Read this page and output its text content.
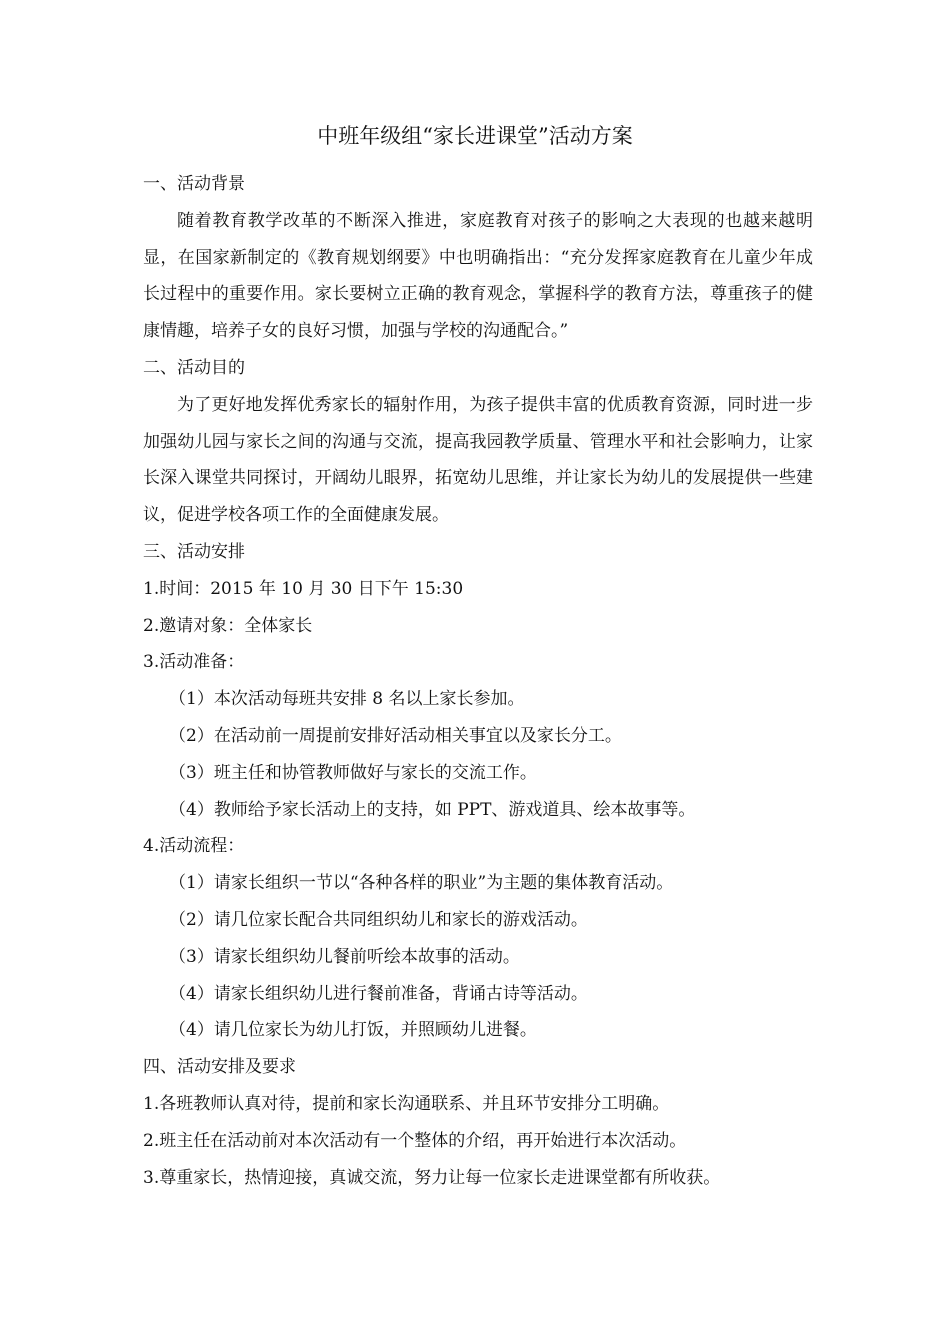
中班年级组“家长进课堂”活动方案

一、活动背景

随着教育教学改革的不断深入推进，家庭教育对孩子的影响之大表现的也越来越明显，在国家新制定的《教育规划纲要》中也明确指出：“充分发挥家庭教育在儿童少年成长过程中的重要作用。家长要树立正确的教育观念，掌握科学的教育方法，尊重孩子的健康情趣，培养子女的良好习惯，加强与学校的沟通配合。”

二、活动目的

为了更好地发挥优秀家长的辐射作用，为孩子提供丰富的优质教育资源，同时进一步加强幼儿园与家长之间的沟通与交流，提高我园教学质量、管理水平和社会影响力，让家长深入课堂共同探讨，开阔幼儿眼界，拓宽幼儿思维，并让家长为幼儿的发展提供一些建议，促进学校各项工作的全面健康发展。

三、活动安排

1.时间：2015 年 10 月 30 日下午 15:30

2.邀请对象：全体家长

3.活动准备：

（1）本次活动每班共安排 8 名以上家长参加。

（2）在活动前一周提前安排好活动相关事宜以及家长分工。

（3）班主任和协管教师做好与家长的交流工作。

（4）教师给予家长活动上的支持，如 PPT、游戏道具、绘本故事等。

4.活动流程：

（1）请家长组织一节以“各种各样的职业”为主题的集体教育活动。

（2）请几位家长配合共同组织幼儿和家长的游戏活动。

（3）请家长组织幼儿餐前听绘本故事的活动。

（4）请家长组织幼儿进行餐前准备，背诵古诗等活动。

（4）请几位家长为幼儿打饭，并照顾幼儿进餐。

四、活动安排及要求

1.各班教师认真对待，提前和家长沟通联系、并且环节安排分工明确。

2.班主任在活动前对本次活动有一个整体的介绍，再开始进行本次活动。

3.尊重家长，热情迎接，真诚交流，努力让每一位家长走进课堂都有所收获。
